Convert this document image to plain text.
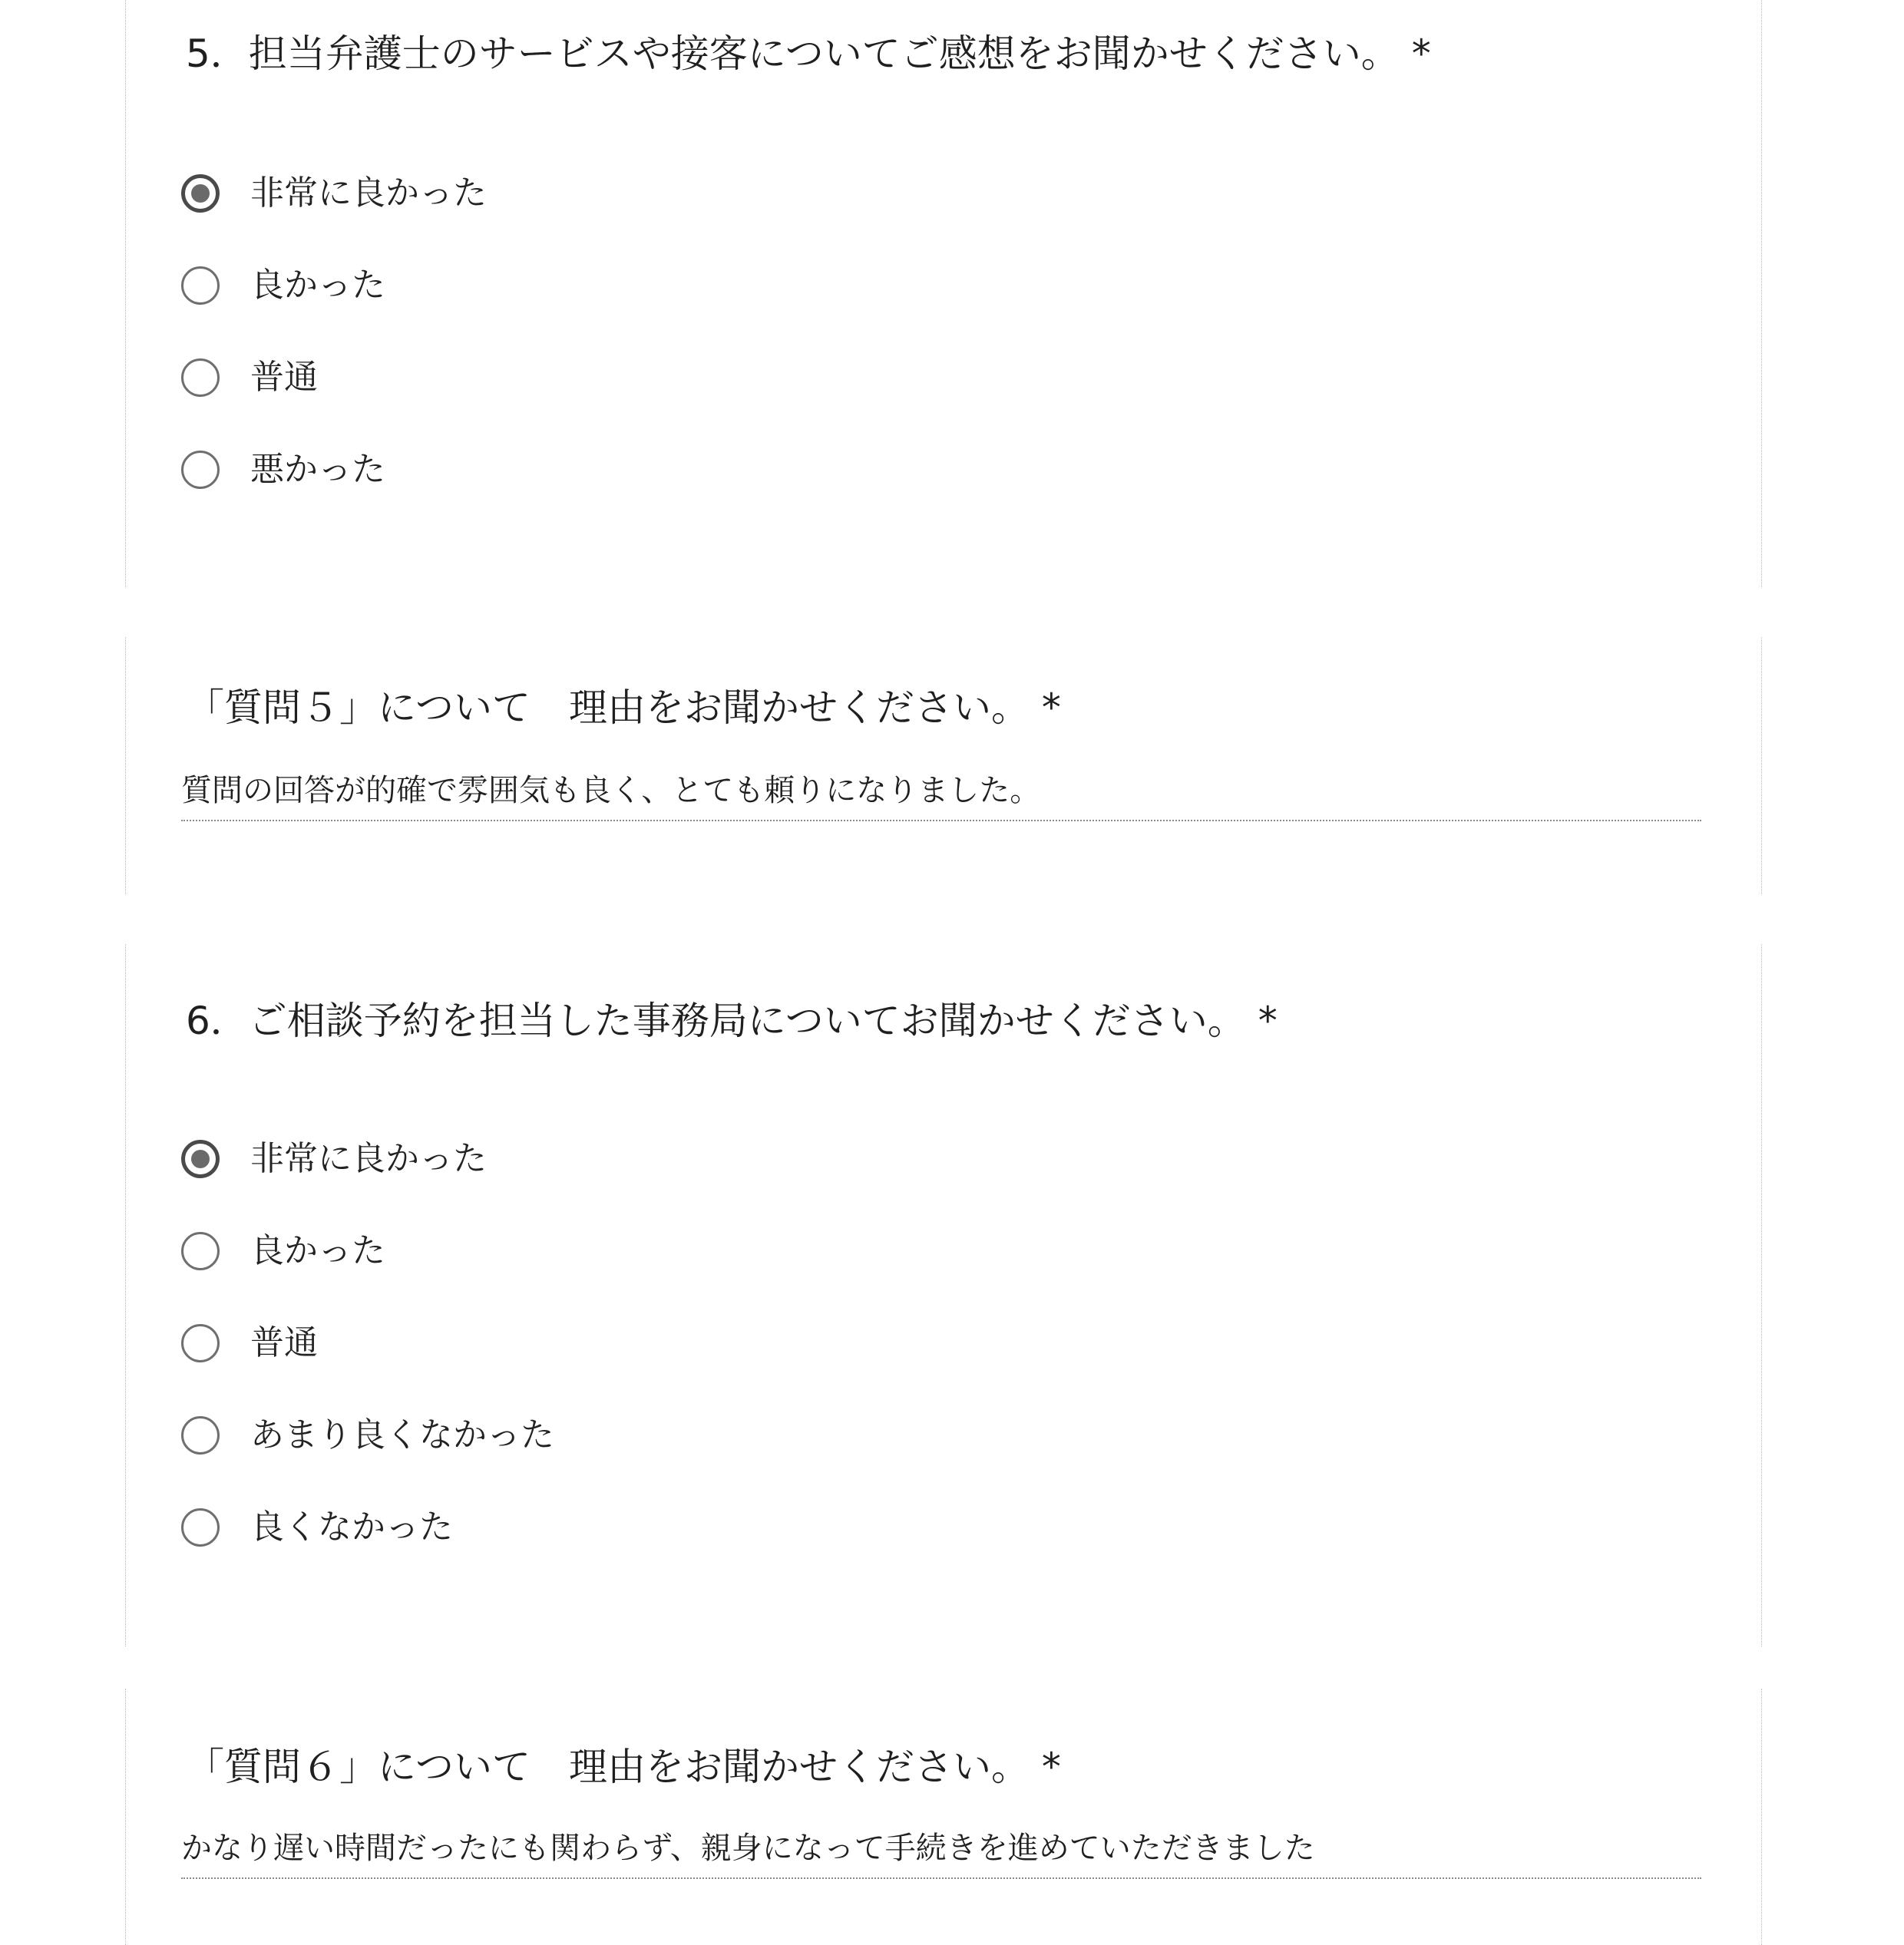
5．担当弁護士のサービスや接客についてご感想をお聞かせください。 *
非常に良かった
良かった
普通
悪かった
「質問５」について　理由をお聞かせください。 *
質問の回答が的確で雰囲気も良く、とても頼りになりました。
6．ご相談予約を担当した事務局についてお聞かせください。 *
非常に良かった
良かった
普通
あまり良くなかった
良くなかった
「質問６」について　理由をお聞かせください。 *
かなり遅い時間だったにも関わらず、親身になって手続きを進めていただきました
